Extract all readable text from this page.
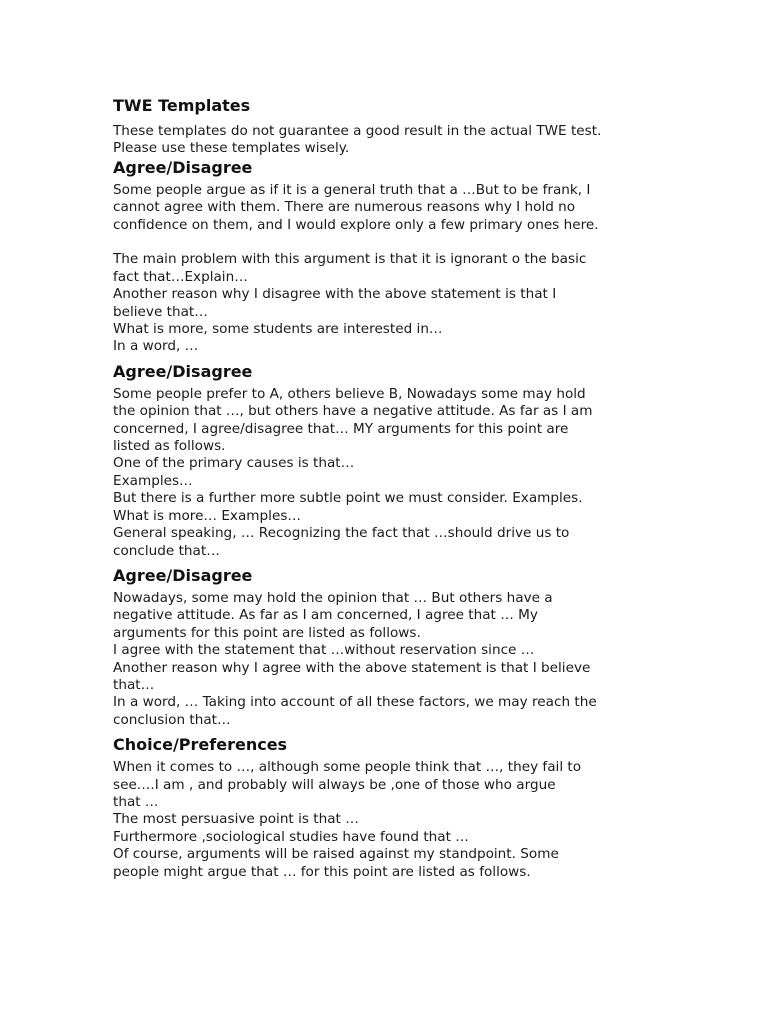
TWE Templates

These templates do not guarantee a good result in the actual TWE test.
Please use these templates wisely.

Agree/Disagree

Some people argue as if it is a general truth that a …But to be frank, I
cannot agree with them. There are numerous reasons why I hold no
confidence on them, and I would explore only a few primary ones here.
The main problem with this argument is that it is ignorant o the basic
fact that…Explain…
Another reason why I disagree with the above statement is that I
believe that…
What is more, some students are interested in…
In a word, …

Agree/Disagree

Some people prefer to A, others believe B, Nowadays some may hold
the opinion that …, but others have a negative attitude. As far as I am
concerned, I agree/disagree that… MY arguments for this point are
listed as follows.
One of the primary causes is that…
Examples…
But there is a further more subtle point we must consider. Examples.
What is more… Examples…
General speaking, … Recognizing the fact that …should drive us to
conclude that…

Agree/Disagree

Nowadays, some may hold the opinion that … But others have a
negative attitude. As far as I am concerned, I agree that … My
arguments for this point are listed as follows.
I agree with the statement that …without reservation since …
Another reason why I agree with the above statement is that I believe
that…
In a word, … Taking into account of all these factors, we may reach the
conclusion that…

Choice/Preferences

When it comes to …, although some people think that …, they fail to
see….I am , and probably will always be ,one of those who argue
that …
The most persuasive point is that …
Furthermore ,sociological studies have found that …
Of course, arguments will be raised against my standpoint. Some
people might argue that … for this point are listed as follows.
